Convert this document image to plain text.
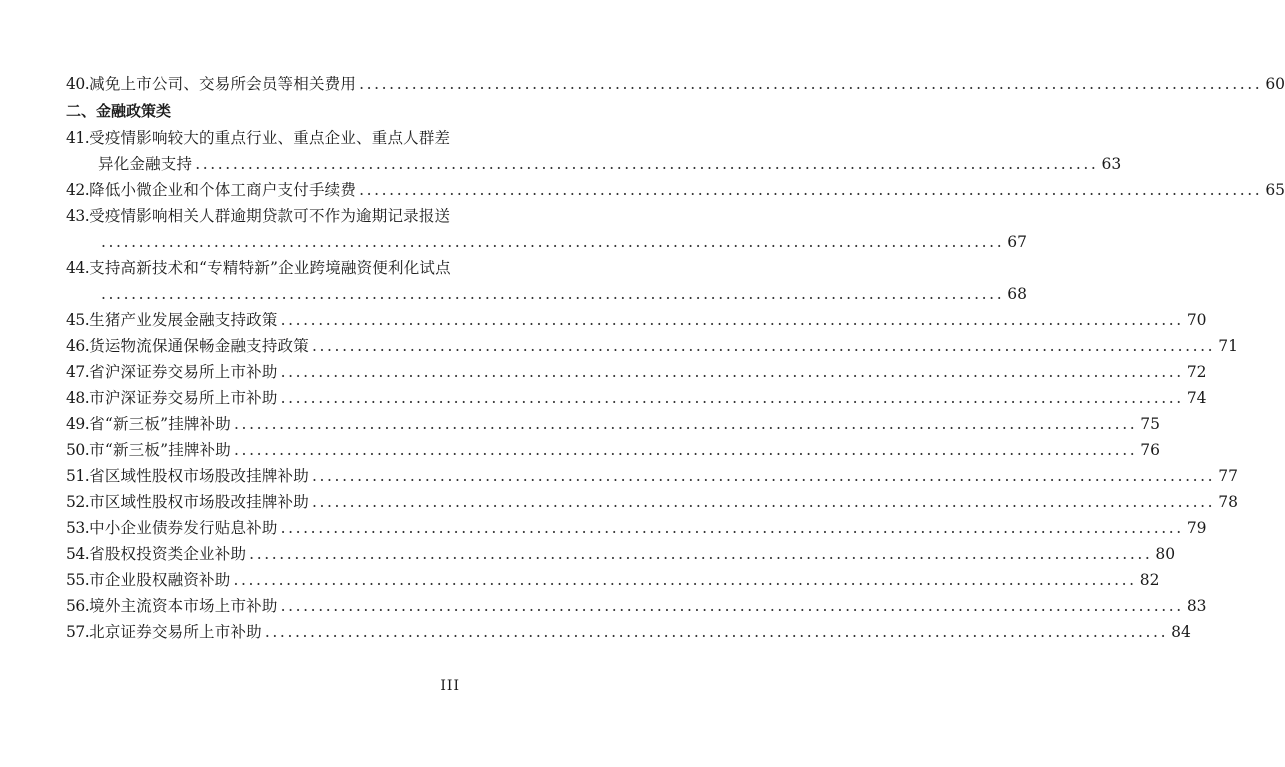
40. 减免上市公司、交易所会员等相关费用 ........................................................................................................................ 60
二、金融政策类
41. 受疫情影响较大的重点行业、重点企业、重点人群差
异化金融支持 ........................................................................................................................ 63
42. 降低小微企业和个体工商户支付手续费 ........................................................................................................................ 65
43. 受疫情影响相关人群逾期贷款可不作为逾期记录报送
........................................................................................................................ 67
44. 支持高新技术和“专精特新”企业跨境融资便利化试点
........................................................................................................................ 68
45. 生猪产业发展金融支持政策 ........................................................................................................................ 70
46. 货运物流保通保畅金融支持政策 ........................................................................................................................ 71
47. 省沪深证券交易所上市补助 ........................................................................................................................ 72
48. 市沪深证券交易所上市补助 ........................................................................................................................ 74
49. 省“新三板”挂牌补助 ........................................................................................................................ 75
50. 市“新三板”挂牌补助 ........................................................................................................................ 76
51. 省区域性股权市场股改挂牌补助 ........................................................................................................................ 77
52. 市区域性股权市场股改挂牌补助 ........................................................................................................................ 78
53. 中小企业债券发行贴息补助 ........................................................................................................................ 79
54. 省股权投资类企业补助 ........................................................................................................................ 80
55. 市企业股权融资补助 ........................................................................................................................ 82
56. 境外主流资本市场上市补助 ........................................................................................................................ 83
57. 北京证券交易所上市补助 ........................................................................................................................ 84
III
